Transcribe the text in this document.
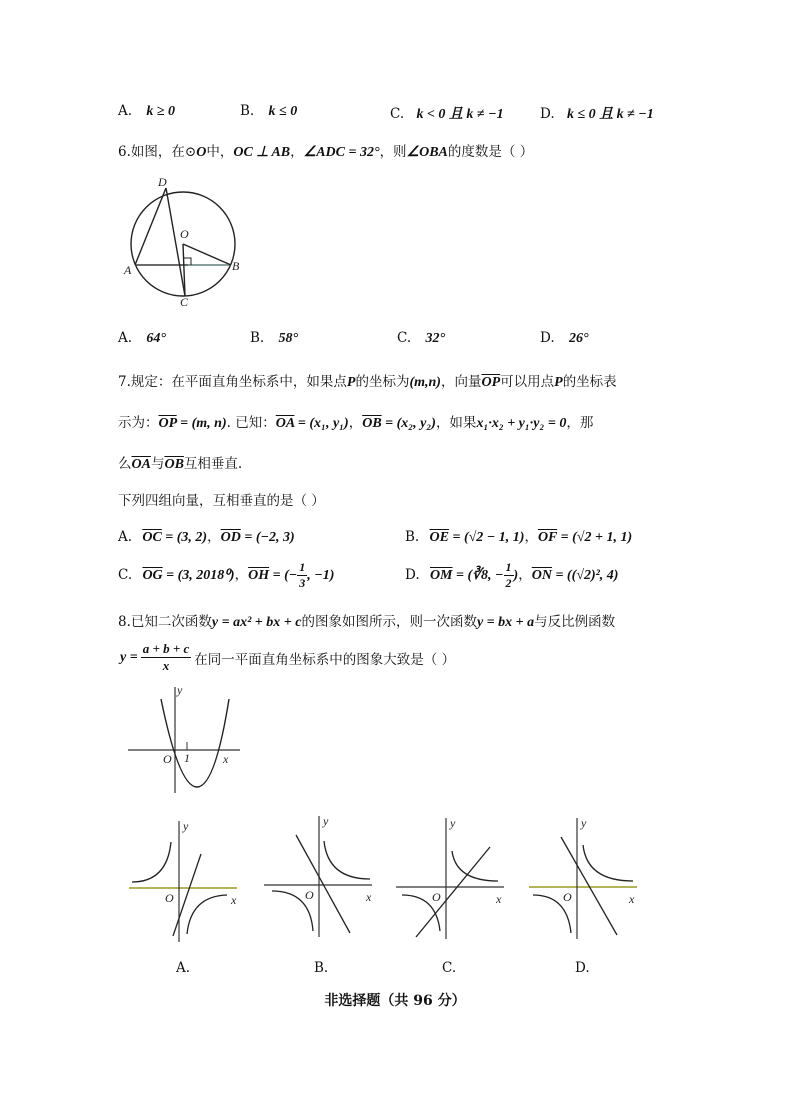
A. k ≥ 0	B. k ≤ 0	C. k < 0 且 k ≠ −1	D. k ≤ 0 且 k ≠ −1
6.如图，在⊙O中，OC ⊥ AB，∠ADC = 32°，则∠OBA的度数是（ ）
D
O
A	B
C
A. 64°	B. 58°	C. 32°	D. 26°
7.规定：在平面直角坐标系中，如果点P的坐标为(m,n)，向量$\overline{OP}$可以用点P的坐标表
示为：$\overline{OP} = (m$, n). 已知：$\overline{OA} = (x_1$, y₁)，$\overline{OB} = (x_2$, y₂)，如果x₁·x₂ + y₁·y₂ = 0，那
么$\overline{OA}$与$\overline{OB}$互相垂直.
下列四组向量，互相垂直的是（ ）
A. $\overline{OC} = (3$, 2)，$\overline{OD} = (-2$, 3)	B. $\overline{OE} = (√2 - 1$, 1)，$\overline{OF} = (√2 + 1$, 1)
C. $\overline{OG} = (3$, 2018⁰)，$\overline{OH}$ = (− $\frac{1}{3}$ , −1)	D. $\overline{OM}$ = (∛8, − $\frac{1}{2}$ )，$\overline{ON} = ((√2)^2$, 4)
8.已知二次函数y = ax² + bx + c的图象如图所示，则一次函数y = bx + a与反比例函数
$y = \frac{a + b + c}{x}$ 在同一平面直角坐标系中的图象大致是（ ）
y
O 1	x
y
O	x
y
O	x
y
O	x
y
O	x
A.	B.	C.	D.
非选择题（共 96 分）
